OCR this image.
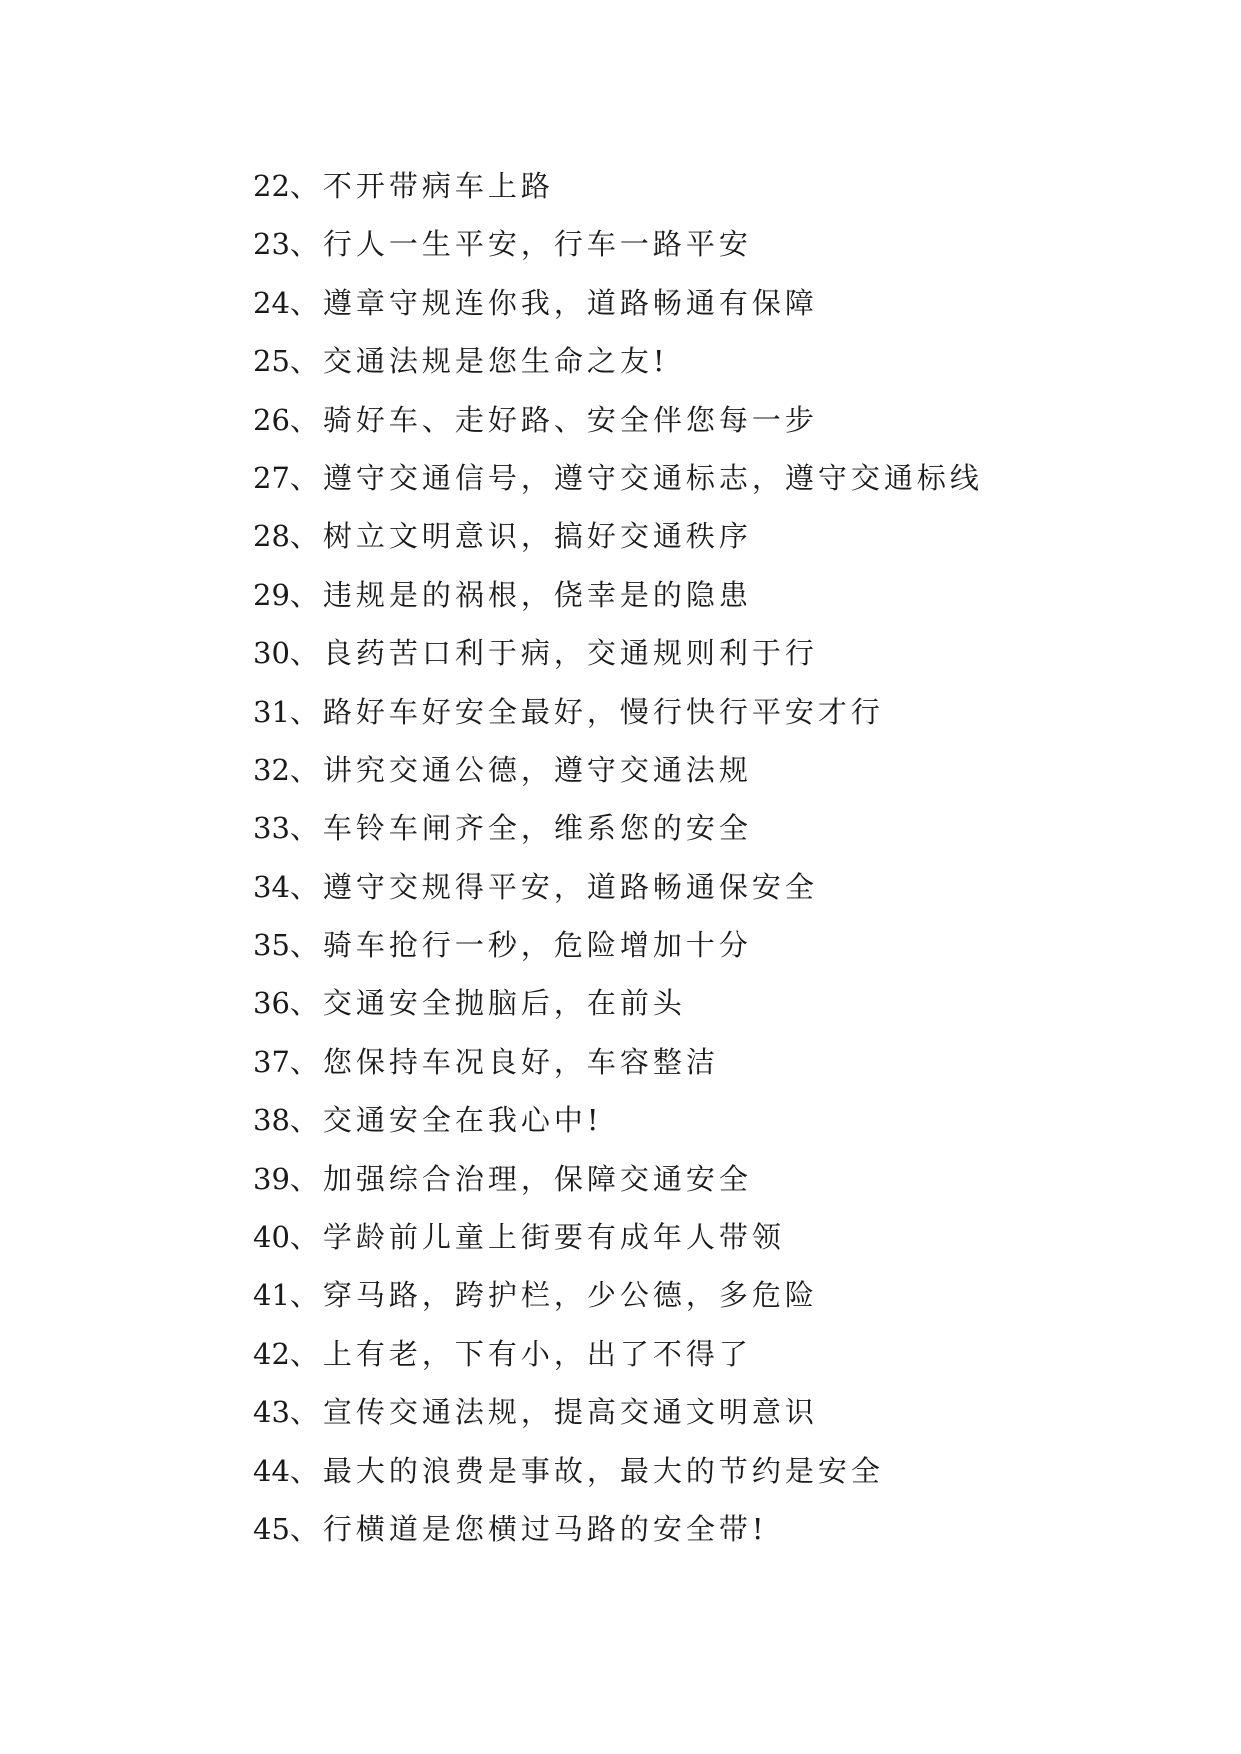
22、不开带病车上路
23、行人一生平安，行车一路平安
24、遵章守规连你我，道路畅通有保障
25、交通法规是您生命之友!
26、骑好车、走好路、安全伴您每一步
27、遵守交通信号，遵守交通标志，遵守交通标线
28、树立文明意识，搞好交通秩序
29、违规是的祸根，侥幸是的隐患
30、良药苦口利于病，交通规则利于行
31、路好车好安全最好，慢行快行平安才行
32、讲究交通公德，遵守交通法规
33、车铃车闸齐全，维系您的安全
34、遵守交规得平安，道路畅通保安全
35、骑车抢行一秒，危险增加十分
36、交通安全抛脑后，在前头
37、您保持车况良好，车容整洁
38、交通安全在我心中!
39、加强综合治理，保障交通安全
40、学龄前儿童上街要有成年人带领
41、穿马路，跨护栏，少公德，多危险
42、上有老，下有小，出了不得了
43、宣传交通法规，提高交通文明意识
44、最大的浪费是事故，最大的节约是安全
45、行横道是您横过马路的安全带!
